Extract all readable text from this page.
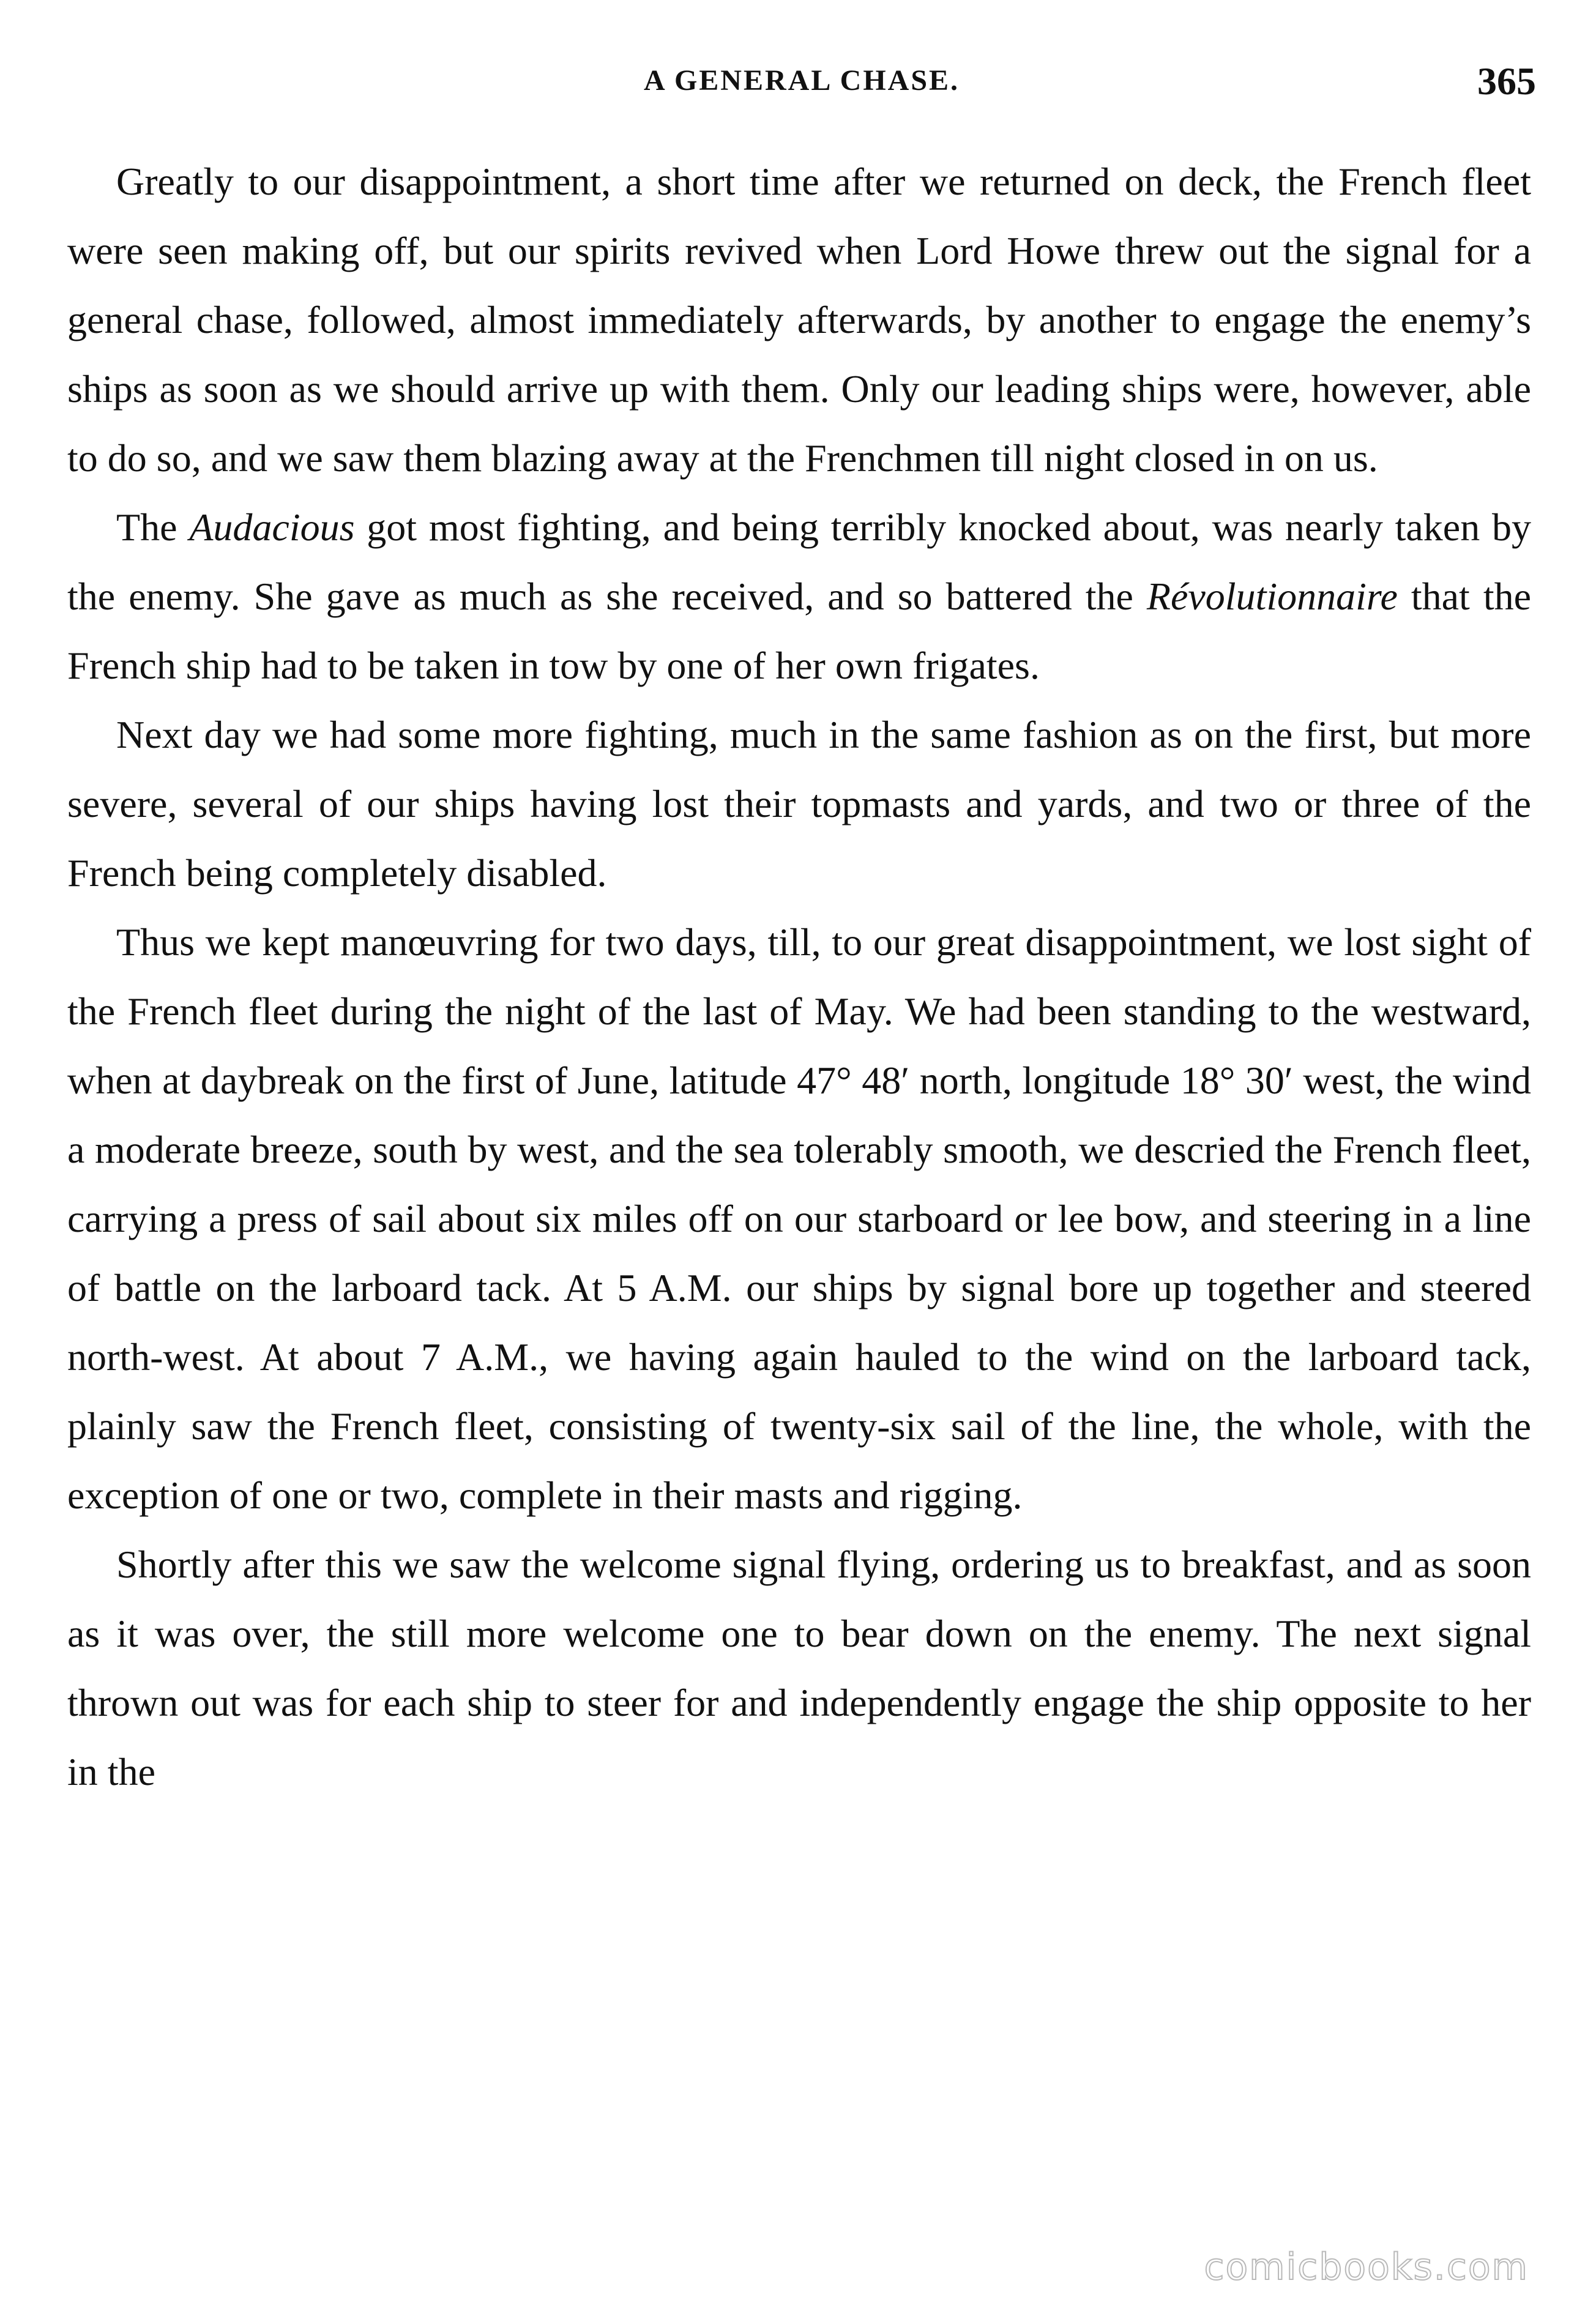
A GENERAL CHASE.	365

Greatly to our disappointment, a short time after we returned on deck, the French fleet were seen making off, but our spirits revived when Lord Howe threw out the signal for a general chase, followed, almost immediately afterwards, by another to engage the enemy’s ships as soon as we should arrive up with them. Only our leading ships were, however, able to do so, and we saw them blazing away at the Frenchmen till night closed in on us.

The Audacious got most fighting, and being terribly knocked about, was nearly taken by the enemy. She gave as much as she received, and so battered the Révolutionnaire that the French ship had to be taken in tow by one of her own frigates.

Next day we had some more fighting, much in the same fashion as on the first, but more severe, several of our ships having lost their topmasts and yards, and two or three of the French being completely disabled.

Thus we kept manœuvring for two days, till, to our great disappointment, we lost sight of the French fleet during the night of the last of May. We had been standing to the westward, when at daybreak on the first of June, latitude 47° 48′ north, longitude 18° 30′ west, the wind a moderate breeze, south by west, and the sea tolerably smooth, we descried the French fleet, carrying a press of sail about six miles off on our starboard or lee bow, and steering in a line of battle on the larboard tack. At 5 A.M. our ships by signal bore up together and steered north-west. At about 7 A.M., we having again hauled to the wind on the larboard tack, plainly saw the French fleet, consisting of twenty-six sail of the line, the whole, with the exception of one or two, complete in their masts and rigging.

Shortly after this we saw the welcome signal flying, ordering us to breakfast, and as soon as it was over, the still more welcome one to bear down on the enemy. The next signal thrown out was for each ship to steer for and independently engage the ship opposite to her in the

comicbooks.com
